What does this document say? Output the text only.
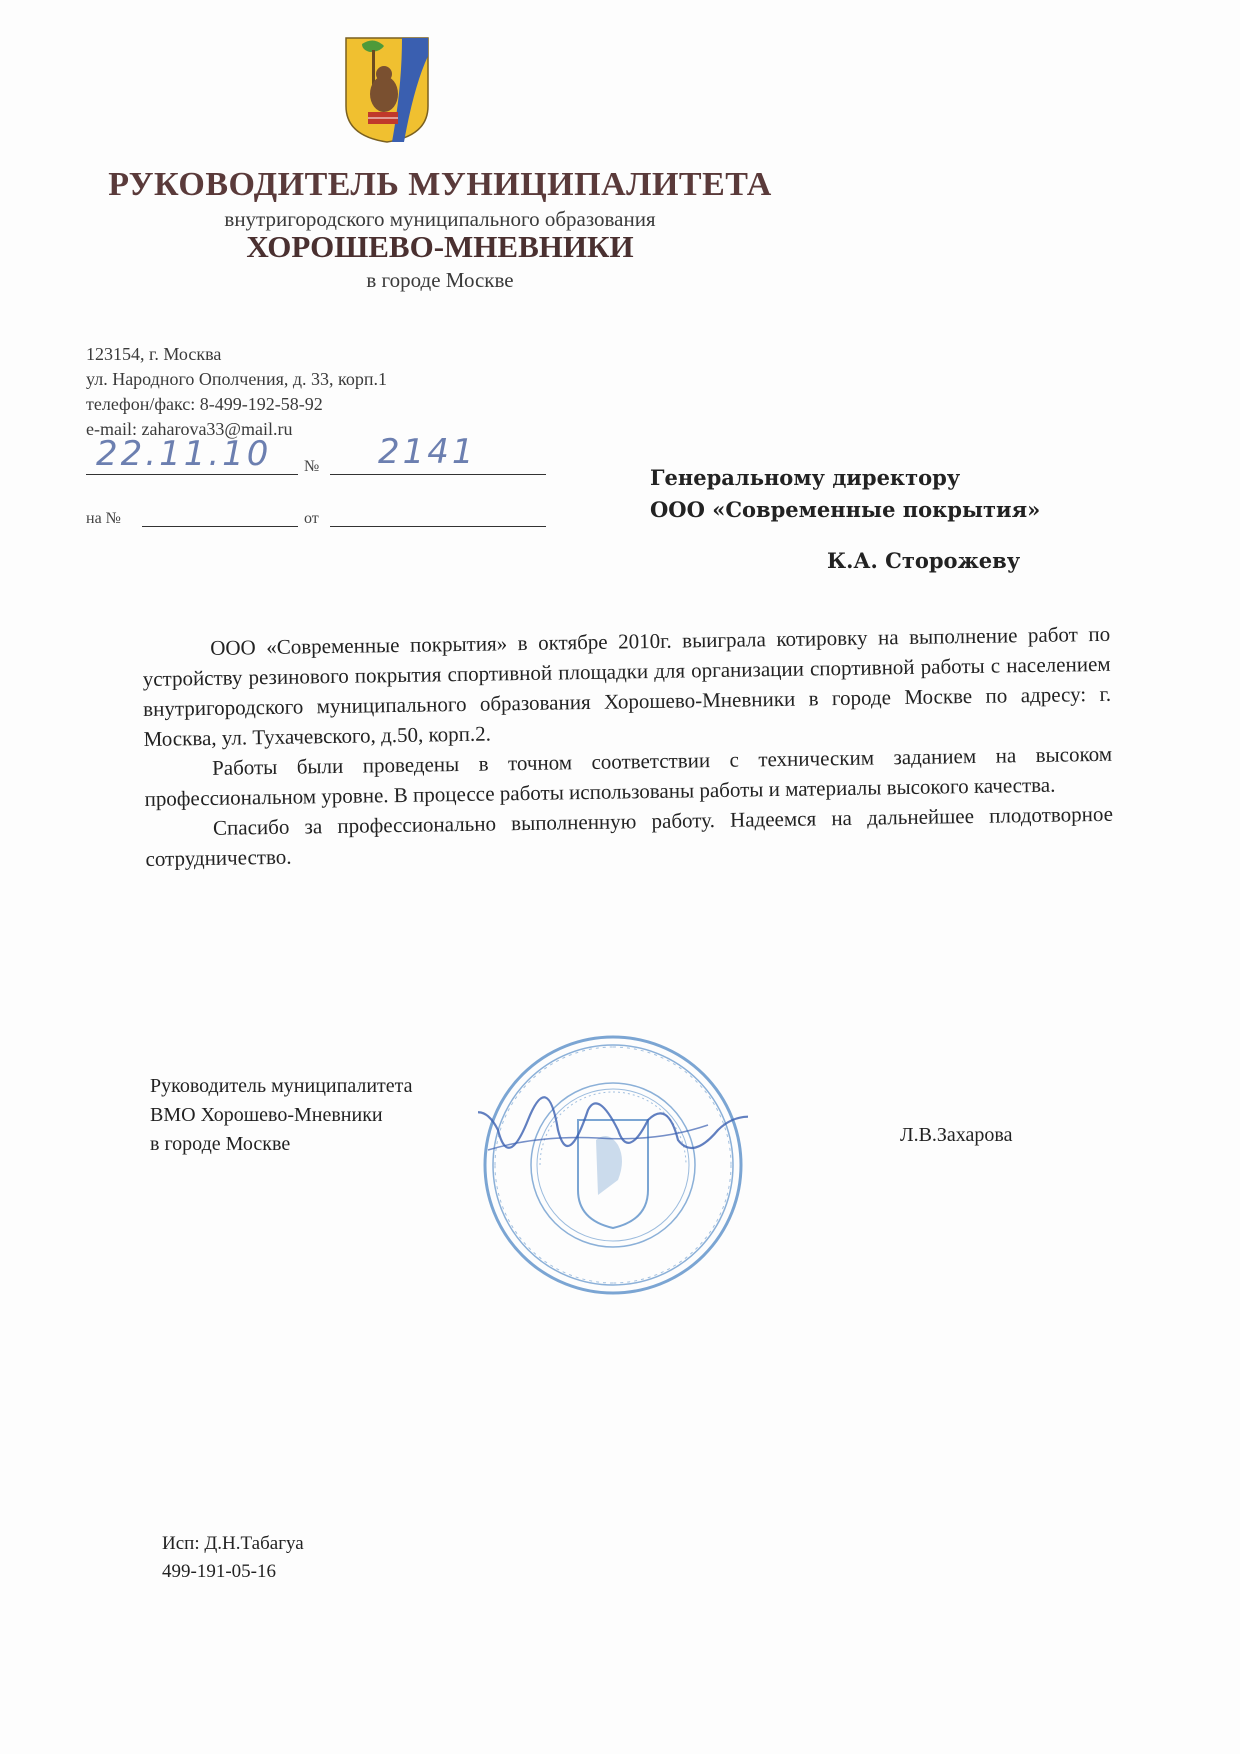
РУКОВОДИТЕЛЬ МУНИЦИПАЛИТЕТА
внутригородского муниципального образования
ХОРОШЕВО-МНЕВНИКИ
в городе Москве
123154, г. Москва
ул. Народного Ополчения, д. 33, корп.1
телефон/факс: 8-499-192-58-92
e-mail: zaharova33@mail.ru
22.11.10 № 2141
на №	от
Генеральному директору
ООО «Современные покрытия»
К.А. Сторожеву

ООО «Современные покрытия» в октябре 2010г. выиграла котировку на выполнение работ по устройству резинового покрытия спортивной площадки для организации спортивной работы с населением внутригородского муниципального образования Хорошево-Мневники в городе Москве по адресу: г. Москва, ул. Тухачевского, д.50, корп.2.

Работы были проведены в точном соответствии с техническим заданием на высоком профессиональном уровне. В процессе работы использованы работы и материалы высокого качества.

Спасибо за профессионально выполненную работу. Надеемся на дальнейшее плодотворное сотрудничество.

Руководитель муниципалитета
ВМО Хорошево-Мневники
в городе Москве	Л.В.Захарова
Исп: Д.Н.Табагуа
499-191-05-16
